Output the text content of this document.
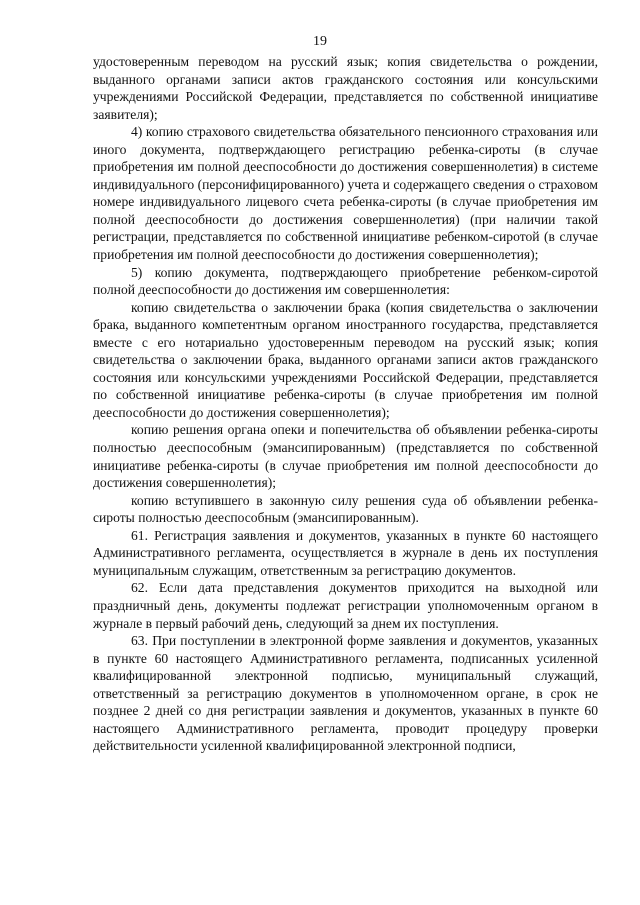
19

удостоверенным переводом на русский язык; копия свидетельства о рождении, выданного органами записи актов гражданского состояния или консульскими учреждениями Российской Федерации, представляется по собственной инициативе заявителя);

4) копию страхового свидетельства обязательного пенсионного страхования или иного документа, подтверждающего регистрацию ребенка-сироты (в случае приобретения им полной дееспособности до достижения совершеннолетия) в системе индивидуального (персонифицированного) учета и содержащего сведения о страховом номере индивидуального лицевого счета ребенка-сироты (в случае приобретения им полной дееспособности до достижения совершеннолетия) (при наличии такой регистрации, представляется по собственной инициативе ребенком-сиротой (в случае приобретения им полной дееспособности до достижения совершеннолетия);

5) копию документа, подтверждающего приобретение ребенком-сиротой полной дееспособности до достижения им совершеннолетия:

копию свидетельства о заключении брака (копия свидетельства о заключении брака, выданного компетентным органом иностранного государства, представляется вместе с его нотариально удостоверенным переводом на русский язык; копия свидетельства о заключении брака, выданного органами записи актов гражданского состояния или консульскими учреждениями Российской Федерации, представляется по собственной инициативе ребенка-сироты (в случае приобретения им полной дееспособности до достижения совершеннолетия);

копию решения органа опеки и попечительства об объявлении ребенка-сироты полностью дееспособным (эмансипированным) (представляется по собственной инициативе ребенка-сироты (в случае приобретения им полной дееспособности до достижения совершеннолетия);

копию вступившего в законную силу решения суда об объявлении ребенка-сироты полностью дееспособным (эмансипированным).

61. Регистрация заявления и документов, указанных в пункте 60 настоящего Административного регламента, осуществляется в журнале в день их поступления муниципальным служащим, ответственным за регистрацию документов.

62. Если дата представления документов приходится на выходной или праздничный день, документы подлежат регистрации уполномоченным органом в журнале в первый рабочий день, следующий за днем их поступления.

63. При поступлении в электронной форме заявления и документов, указанных в пункте 60 настоящего Административного регламента, подписанных усиленной квалифицированной электронной подписью, муниципальный служащий, ответственный за регистрацию документов в уполномоченном органе, в срок не позднее 2 дней со дня регистрации заявления и документов, указанных в пункте 60 настоящего Административного регламента, проводит процедуру проверки действительности усиленной квалифицированной электронной подписи,
